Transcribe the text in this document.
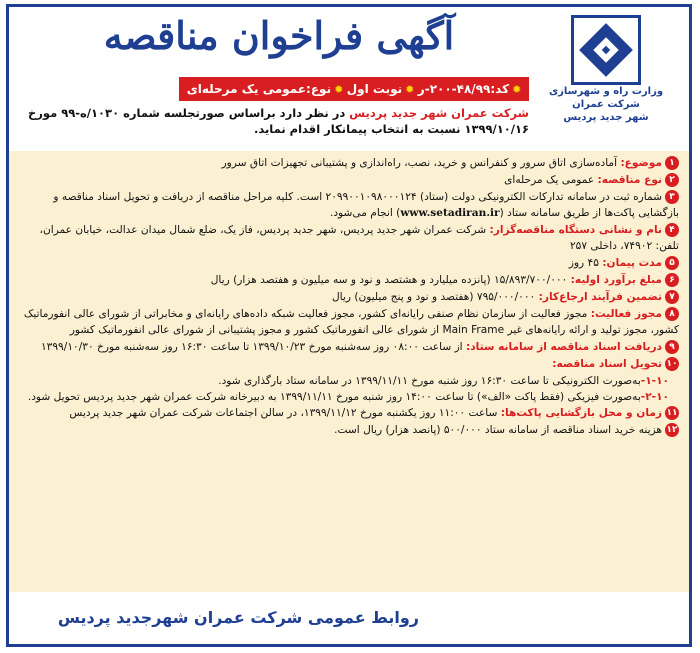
وزارت راه و شهرسازی
شرکت عمران
شهر جدید پردیس
آگهی فراخوان مناقصه
✹
کد:۴۸/۹۹-۲۰۰-ر
✹
نوبت اول
✹
نوع:عمومی یک مرحله‌ای
شرکت عمران شهر جدید پردیس در نظر دارد براساس صورتجلسه شماره ۱۰۳۰/ه‌-۹۹ مورخ ۱۳۹۹/۱۰/۱۶ نسبت به انتخاب پیمانکار اقدام نماید.
۱موضوع: آماده‌سازی اتاق سرور و کنفرانس و خرید، نصب، راه‌اندازی و پشتیبانی تجهیزات اتاق سرور
۲نوع مناقصه: عمومی یک مرحله‌ای
۳شماره ثبت در سامانه تدارکات الکترونیکی دولت (ستاد) ۲۰۹۹۰۰۱۰۹۸۰۰۰۱۲۴ است. کلیه مراحل مناقصه از دریافت و تحویل اسناد مناقصه و بازگشایی پاکت‌ها از طریق سامانه ستاد (www.setadiran.ir) انجام می‌شود.
۴نام و نشانی دستگاه مناقصه‌گزار: شرکت عمران شهر جدید پردیس، شهر جدید پردیس، فاز یک، ضلع شمال میدان عدالت، خیابان عمران، تلفن: ۷۴۹۰۲، داخلی ۲۵۷
۵مدت پیمان: ۴۵ روز
۶مبلغ برآورد اولیه: ۱۵/۸۹۳/۷۰۰/۰۰۰ (پانزده میلیارد و هشتصد و نود و سه میلیون و هفتصد هزار) ریال
۷تضمین فرآیند ارجاع‌کار: ۷۹۵/۰۰۰/۰۰۰ (هفتصد و نود و پنج میلیون) ریال
۸مجوز فعالیت: مجوز فعالیت از سازمان نظام صنفی رایانه‌ای کشور، مجوز فعالیت شبکه داده‌های رایانه‌ای و مخابراتی از شورای عالی انفورماتیک کشور، مجوز تولید و ارائه رایانه‌های غیر Main Frame از شورای عالی انفورماتیک کشور و مجوز پشتیبانی از شورای عالی انفورماتیک کشور
۹دریافت اسناد مناقصه از سامانه ستاد: از ساعت ۰۸:۰۰ روز سه‌شنبه مورخ ۱۳۹۹/۱۰/۲۳ تا ساعت ۱۶:۳۰ روز سه‌شنبه مورخ ۱۳۹۹/۱۰/۳۰
۱۰تحویل اسناد مناقصه:
۱-۱۰-به‌صورت الکترونیکی تا ساعت ۱۶:۳۰ روز شنبه مورخ ۱۳۹۹/۱۱/۱۱ در سامانه ستاد بارگذاری شود.
۲-۱۰-به‌صورت فیزیکی (فقط پاکت «الف») تا ساعت ۱۴:۰۰ روز شنبه مورخ ۱۳۹۹/۱۱/۱۱ به دبیرخانه شرکت عمران شهر جدید پردیس تحویل شود.
۱۱زمان و محل بازگشایی پاکت‌ها: ساعت ۱۱:۰۰ روز یکشنبه مورخ ۱۳۹۹/۱۱/۱۲، در سالن اجتماعات شرکت عمران شهر جدید پردیس
۱۲هزینه خرید اسناد مناقصه از سامانه ستاد ۵۰۰/۰۰۰ (پانصد هزار) ریال است.
روابط عمومی شرکت عمران شهرجدید پردیس
